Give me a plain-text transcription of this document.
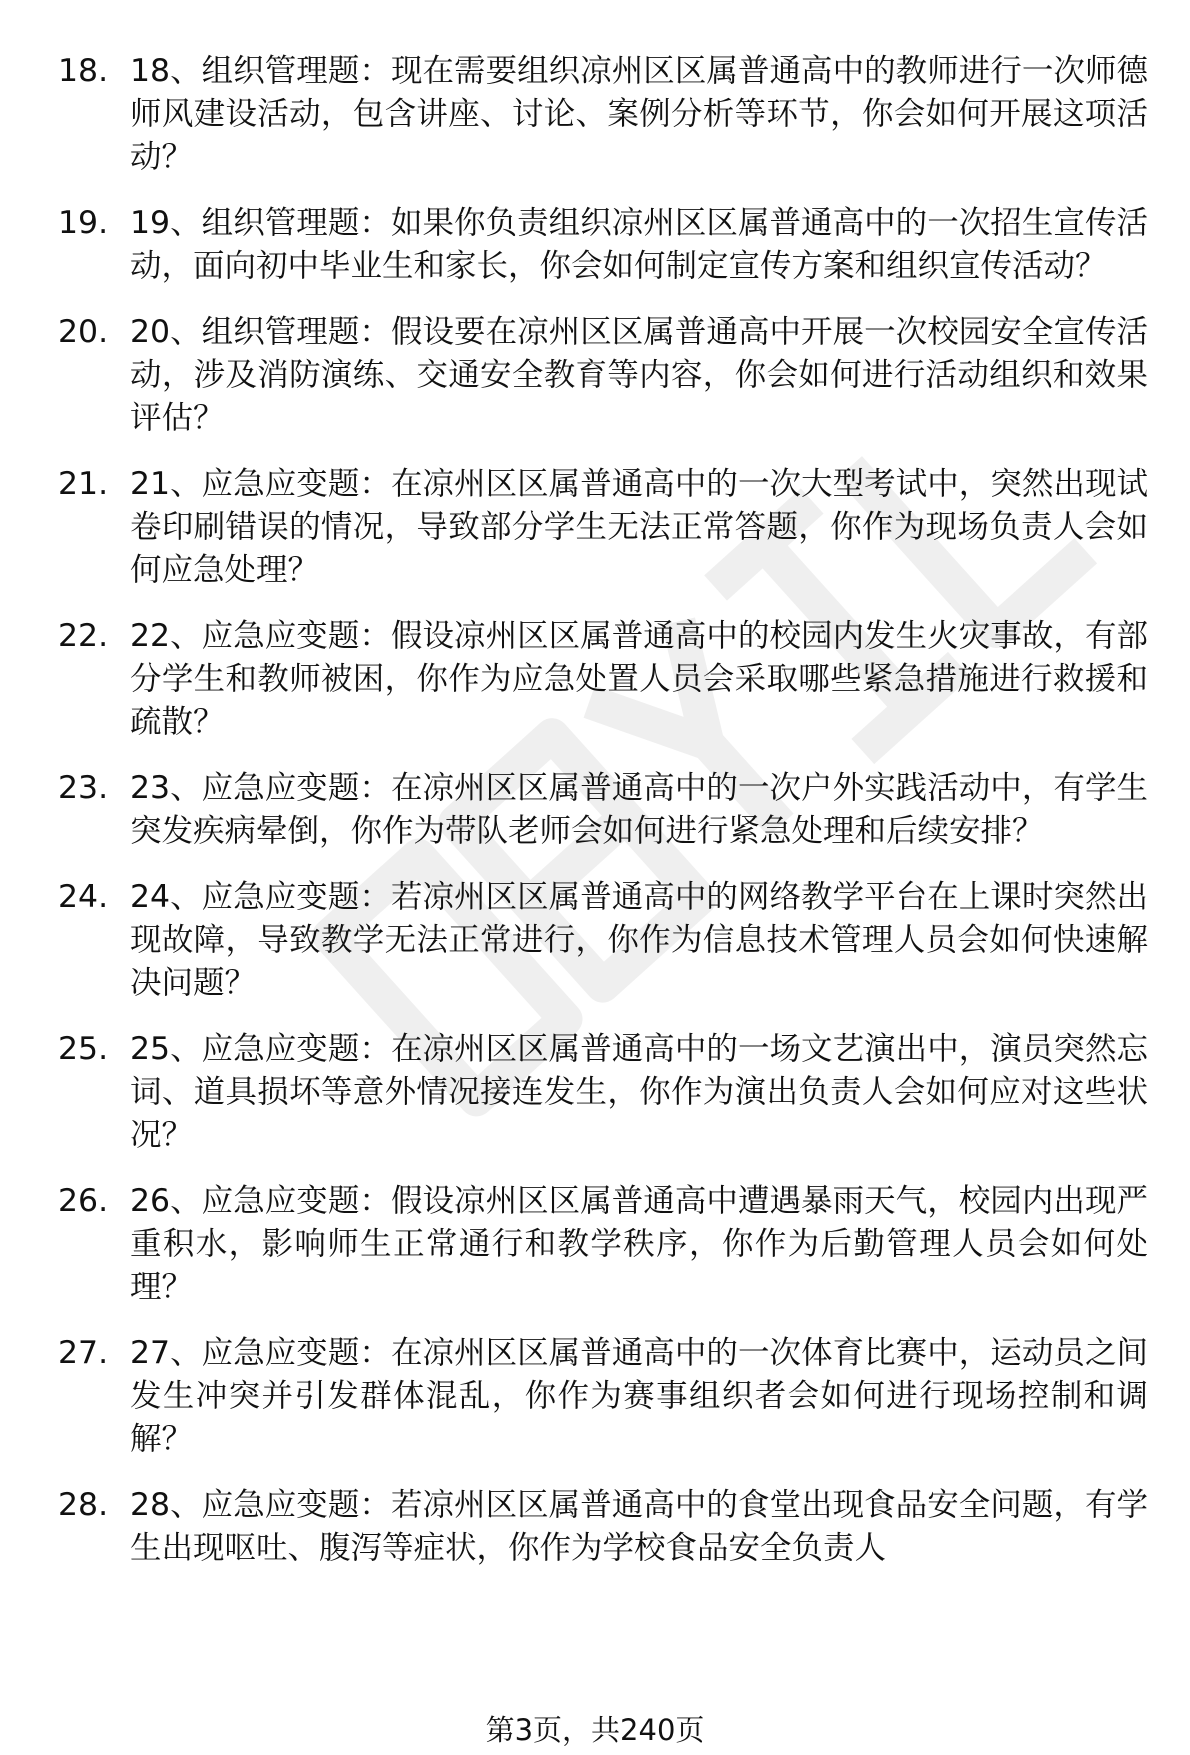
18. 18、组织管理题：现在需要组织凉州区区属普通高中的教师进行一次师德师风建设活动，包含讲座、讨论、案例分析等环节，你会如何开展这项活动？
19. 19、组织管理题：如果你负责组织凉州区区属普通高中的一次招生宣传活动，面向初中毕业生和家长，你会如何制定宣传方案和组织宣传活动？
20. 20、组织管理题：假设要在凉州区区属普通高中开展一次校园安全宣传活动，涉及消防演练、交通安全教育等内容，你会如何进行活动组织和效果评估？
21. 21、应急应变题：在凉州区区属普通高中的一次大型考试中，突然出现试卷印刷错误的情况，导致部分学生无法正常答题，你作为现场负责人会如何应急处理？
22. 22、应急应变题：假设凉州区区属普通高中的校园内发生火灾事故，有部分学生和教师被困，你作为应急处置人员会采取哪些紧急措施进行救援和疏散？
23. 23、应急应变题：在凉州区区属普通高中的一次户外实践活动中，有学生突发疾病晕倒，你作为带队老师会如何进行紧急处理和后续安排？
24. 24、应急应变题：若凉州区区属普通高中的网络教学平台在上课时突然出现故障，导致教学无法正常进行，你作为信息技术管理人员会如何快速解决问题？
25. 25、应急应变题：在凉州区区属普通高中的一场文艺演出中，演员突然忘词、道具损坏等意外情况接连发生，你作为演出负责人会如何应对这些状况？
26. 26、应急应变题：假设凉州区区属普通高中遭遇暴雨天气，校园内出现严重积水，影响师生正常通行和教学秩序，你作为后勤管理人员会如何处理？
27. 27、应急应变题：在凉州区区属普通高中的一次体育比赛中，运动员之间发生冲突并引发群体混乱，你作为赛事组织者会如何进行现场控制和调解？
28. 28、应急应变题：若凉州区区属普通高中的食堂出现食品安全问题，有学生出现呕吐、腹泻等症状，你作为学校食品安全负责人
第3页，共240页
